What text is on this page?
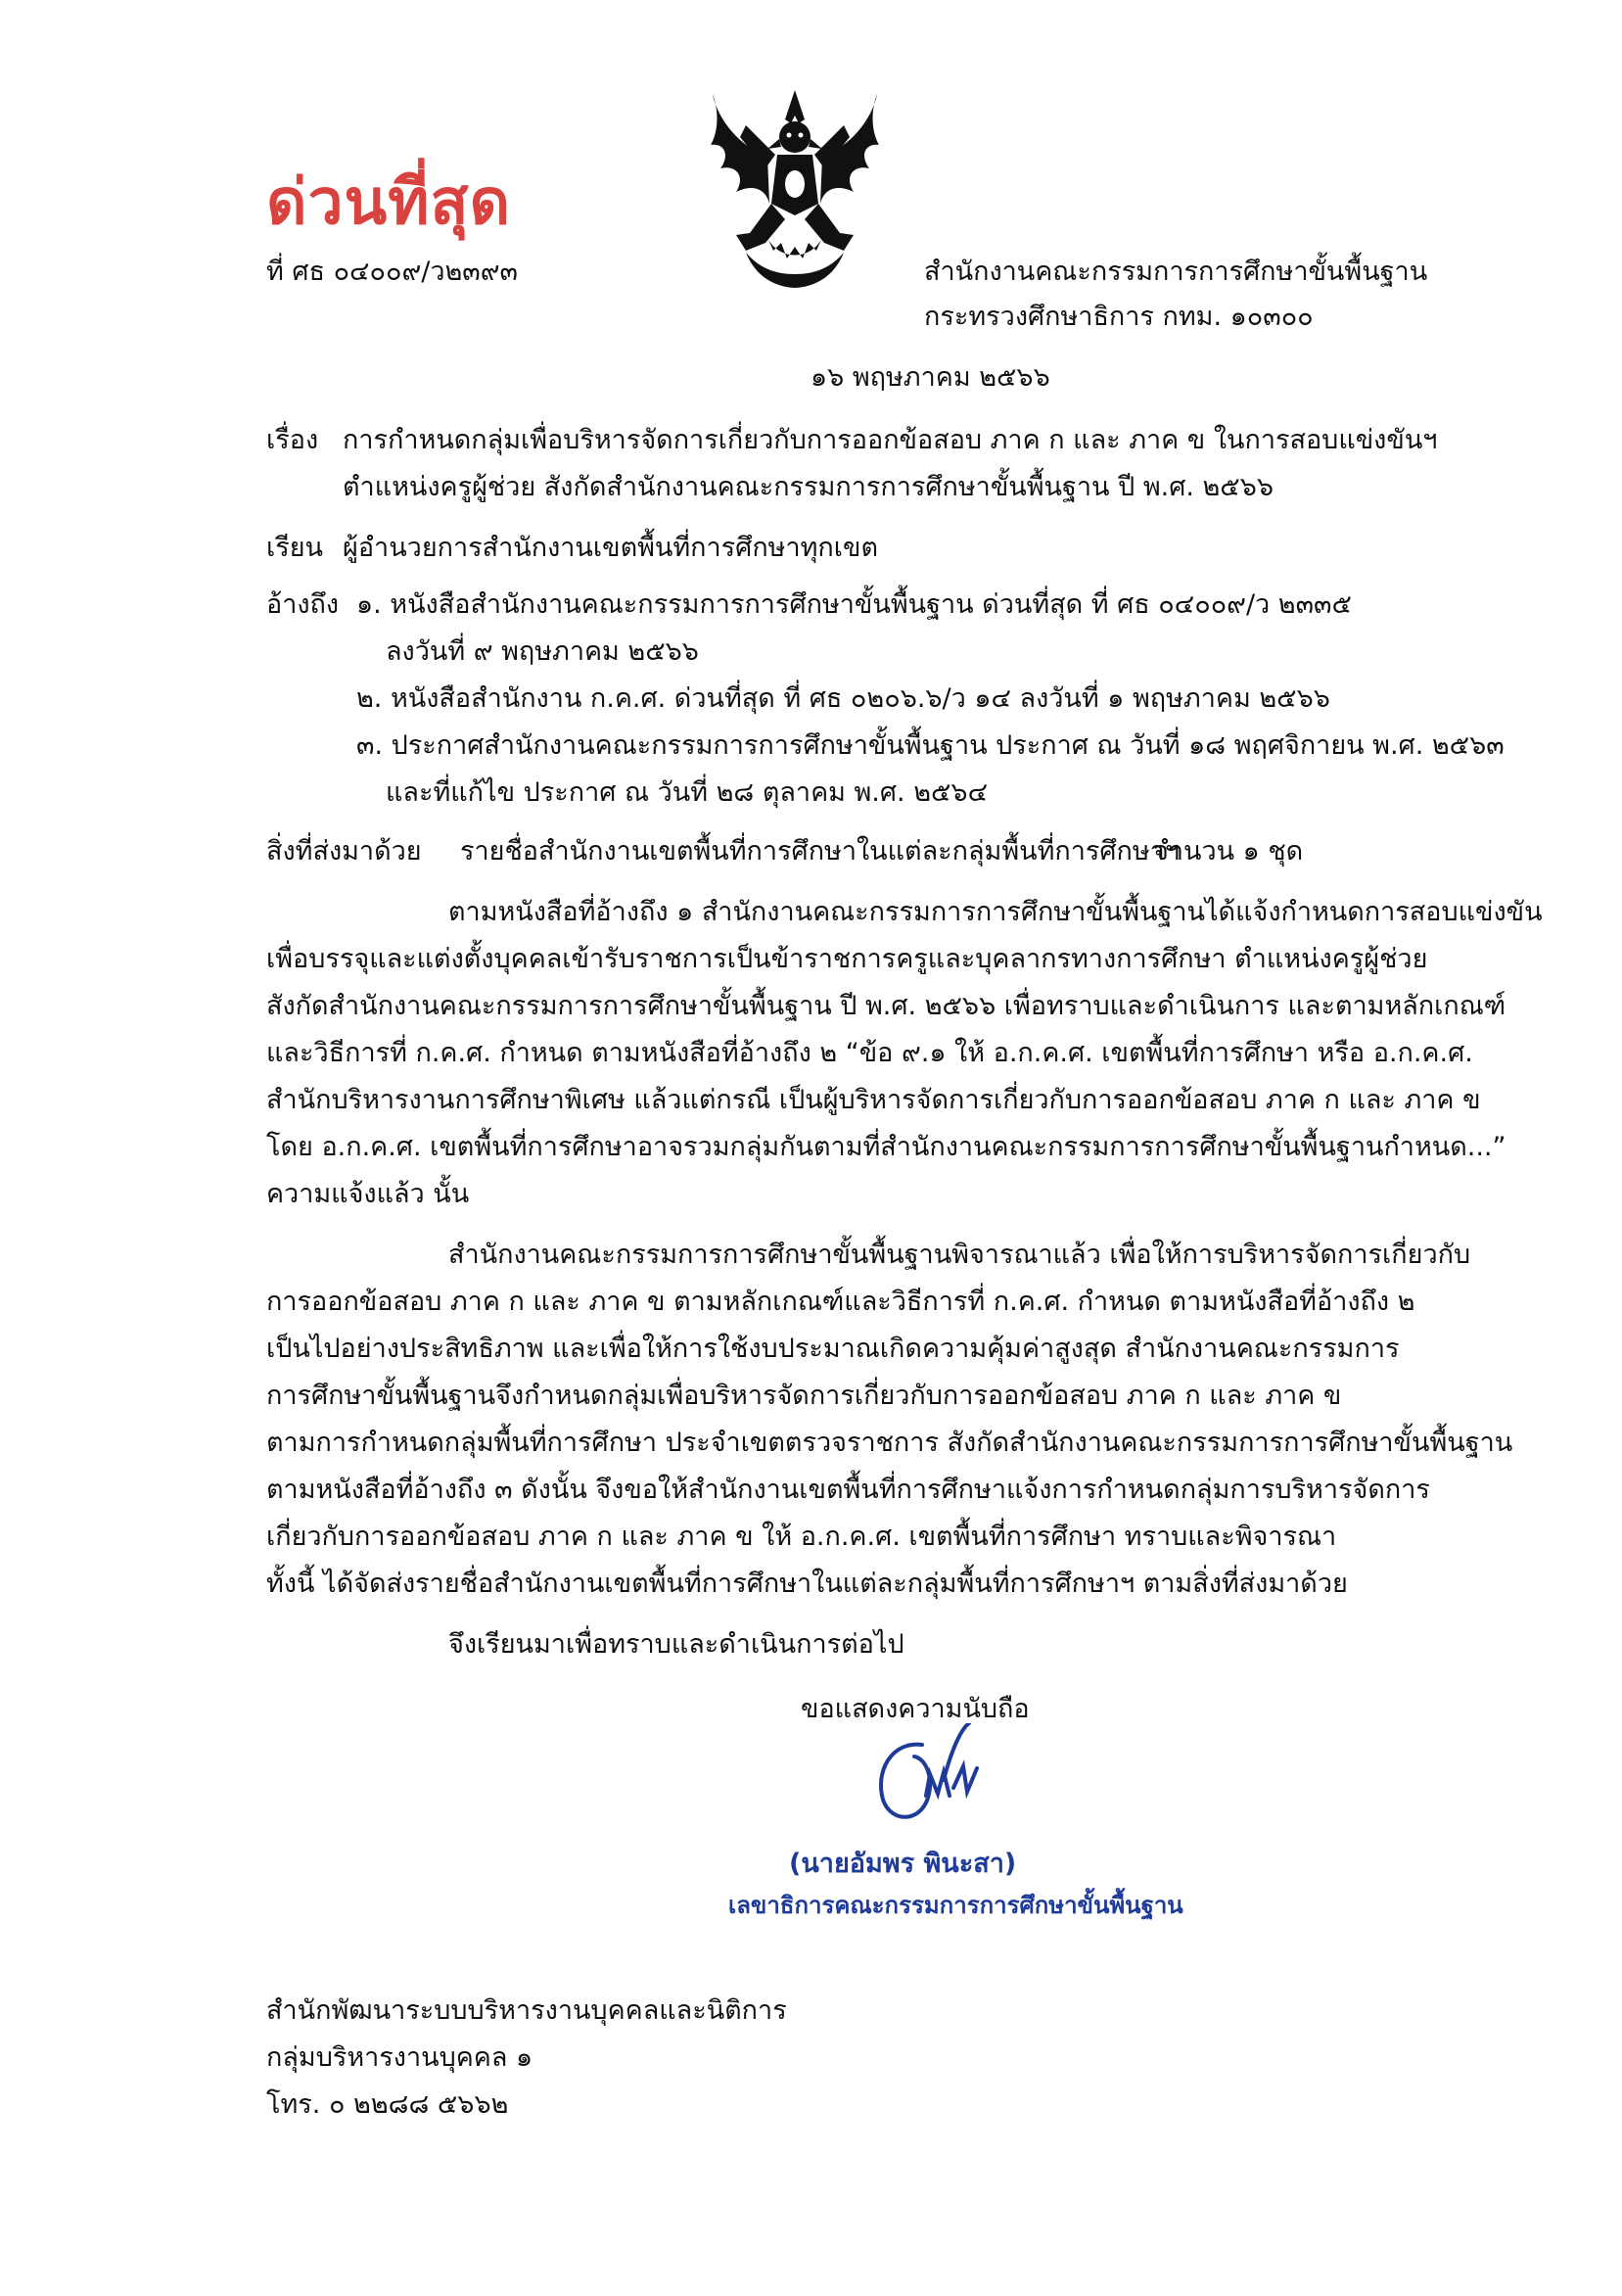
ด่วนที่สุด
ที่ ศธ ๐๔๐๐๙/ว๒๓๙๓	สำนักงานคณะกรรมการการศึกษาขั้นพื้นฐาน
กระทรวงศึกษาธิการ กทม. ๑๐๓๐๐
๑๖ พฤษภาคม ๒๕๖๖
เรื่อง การกำหนดกลุ่มเพื่อบริหารจัดการเกี่ยวกับการออกข้อสอบ ภาค ก และ ภาค ข ในการสอบแข่งขันฯ
ตำแหน่งครูผู้ช่วย สังกัดสำนักงานคณะกรรมการการศึกษาขั้นพื้นฐาน ปี พ.ศ. ๒๕๖๖
เรียน ผู้อำนวยการสำนักงานเขตพื้นที่การศึกษาทุกเขต
อ้างถึง ๑. หนังสือสำนักงานคณะกรรมการการศึกษาขั้นพื้นฐาน ด่วนที่สุด ที่ ศธ ๐๔๐๐๙/ว ๒๓๓๕
ลงวันที่ ๙ พฤษภาคม ๒๕๖๖
๒. หนังสือสำนักงาน ก.ค.ศ. ด่วนที่สุด ที่ ศธ ๐๒๐๖.๖/ว ๑๔ ลงวันที่ ๑ พฤษภาคม ๒๕๖๖
๓. ประกาศสำนักงานคณะกรรมการการศึกษาขั้นพื้นฐาน ประกาศ ณ วันที่ ๑๘ พฤศจิกายน พ.ศ. ๒๕๖๓
และที่แก้ไข ประกาศ ณ วันที่ ๒๘ ตุลาคม พ.ศ. ๒๕๖๔
สิ่งที่ส่งมาด้วย รายชื่อสำนักงานเขตพื้นที่การศึกษาในแต่ละกลุ่มพื้นที่การศึกษาฯ
จำนวน ๑ ชุด
ตามหนังสือที่อ้างถึง ๑ สำนักงานคณะกรรมการการศึกษาขั้นพื้นฐานได้แจ้งกำหนดการสอบแข่งขัน
เพื่อบรรจุและแต่งตั้งบุคคลเข้ารับราชการเป็นข้าราชการครูและบุคลากรทางการศึกษา ตำแหน่งครูผู้ช่วย
สังกัดสำนักงานคณะกรรมการการศึกษาขั้นพื้นฐาน ปี พ.ศ. ๒๕๖๖ เพื่อทราบและดำเนินการ และตามหลักเกณฑ์
และวิธีการที่ ก.ค.ศ. กำหนด ตามหนังสือที่อ้างถึง ๒ “ข้อ ๙.๑ ให้ อ.ก.ค.ศ. เขตพื้นที่การศึกษา หรือ อ.ก.ค.ศ.
สำนักบริหารงานการศึกษาพิเศษ แล้วแต่กรณี เป็นผู้บริหารจัดการเกี่ยวกับการออกข้อสอบ ภาค ก และ ภาค ข
โดย อ.ก.ค.ศ. เขตพื้นที่การศึกษาอาจรวมกลุ่มกันตามที่สำนักงานคณะกรรมการการศึกษาขั้นพื้นฐานกำหนด...”
ความแจ้งแล้ว นั้น
สำนักงานคณะกรรมการการศึกษาขั้นพื้นฐานพิจารณาแล้ว เพื่อให้การบริหารจัดการเกี่ยวกับ
การออกข้อสอบ ภาค ก และ ภาค ข ตามหลักเกณฑ์และวิธีการที่ ก.ค.ศ. กำหนด ตามหนังสือที่อ้างถึง ๒
เป็นไปอย่างประสิทธิภาพ และเพื่อให้การใช้งบประมาณเกิดความคุ้มค่าสูงสุด สำนักงานคณะกรรมการ
การศึกษาขั้นพื้นฐานจึงกำหนดกลุ่มเพื่อบริหารจัดการเกี่ยวกับการออกข้อสอบ ภาค ก และ ภาค ข
ตามการกำหนดกลุ่มพื้นที่การศึกษา ประจำเขตตรวจราชการ สังกัดสำนักงานคณะกรรมการการศึกษาขั้นพื้นฐาน
ตามหนังสือที่อ้างถึง ๓ ดังนั้น จึงขอให้สำนักงานเขตพื้นที่การศึกษาแจ้งการกำหนดกลุ่มการบริหารจัดการ
เกี่ยวกับการออกข้อสอบ ภาค ก และ ภาค ข ให้ อ.ก.ค.ศ. เขตพื้นที่การศึกษา ทราบและพิจารณา
ทั้งนี้ ได้จัดส่งรายชื่อสำนักงานเขตพื้นที่การศึกษาในแต่ละกลุ่มพื้นที่การศึกษาฯ ตามสิ่งที่ส่งมาด้วย
จึงเรียนมาเพื่อทราบและดำเนินการต่อไป
ขอแสดงความนับถือ
(นายอัมพร พินะสา)
เลขาธิการคณะกรรมการการศึกษาขั้นพื้นฐาน
สำนักพัฒนาระบบบริหารงานบุคคลและนิติการ
กลุ่มบริหารงานบุคคล ๑
โทร. ๐ ๒๒๘๘ ๕๖๖๒
